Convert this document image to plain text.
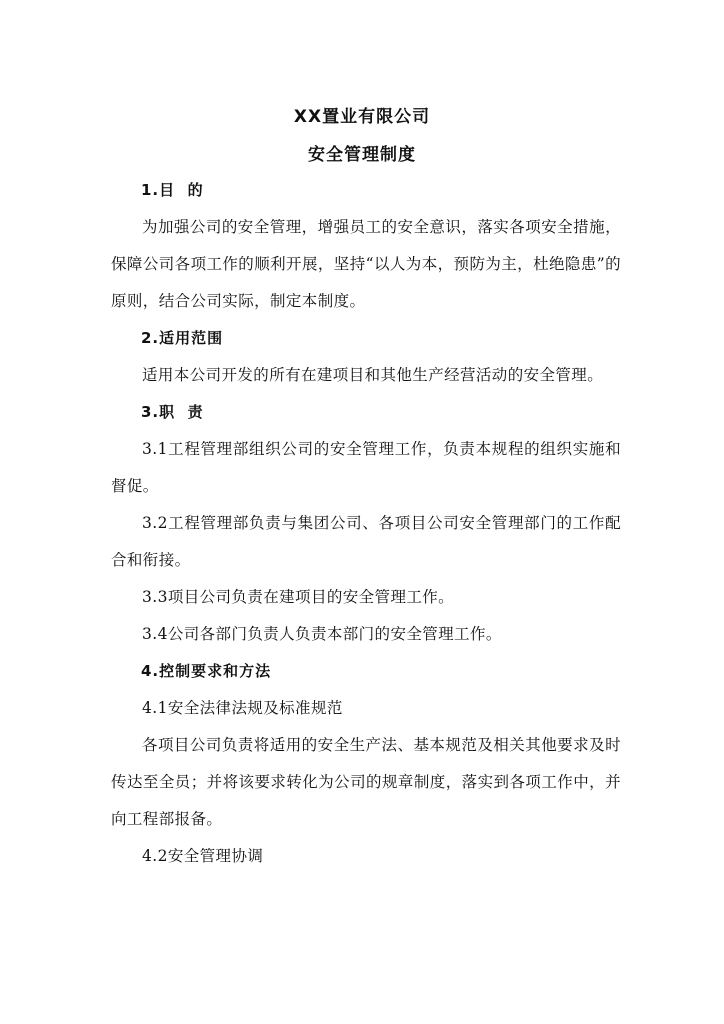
XX置业有限公司
安全管理制度

1.目  的

为加强公司的安全管理，增强员工的安全意识，落实各项安全措施，保障公司各项工作的顺利开展，坚持“以人为本，预防为主，杜绝隐患”的原则，结合公司实际，制定本制度。

2.适用范围

适用本公司开发的所有在建项目和其他生产经营活动的安全管理。

3.职  责

3.1工程管理部组织公司的安全管理工作，负责本规程的组织实施和督促。

3.2工程管理部负责与集团公司、各项目公司安全管理部门的工作配合和衔接。

3.3项目公司负责在建项目的安全管理工作。

3.4公司各部门负责人负责本部门的安全管理工作。

4.控制要求和方法

4.1安全法律法规及标准规范

各项目公司负责将适用的安全生产法、基本规范及相关其他要求及时传达至全员；并将该要求转化为公司的规章制度，落实到各项工作中，并向工程部报备。

4.2安全管理协调
